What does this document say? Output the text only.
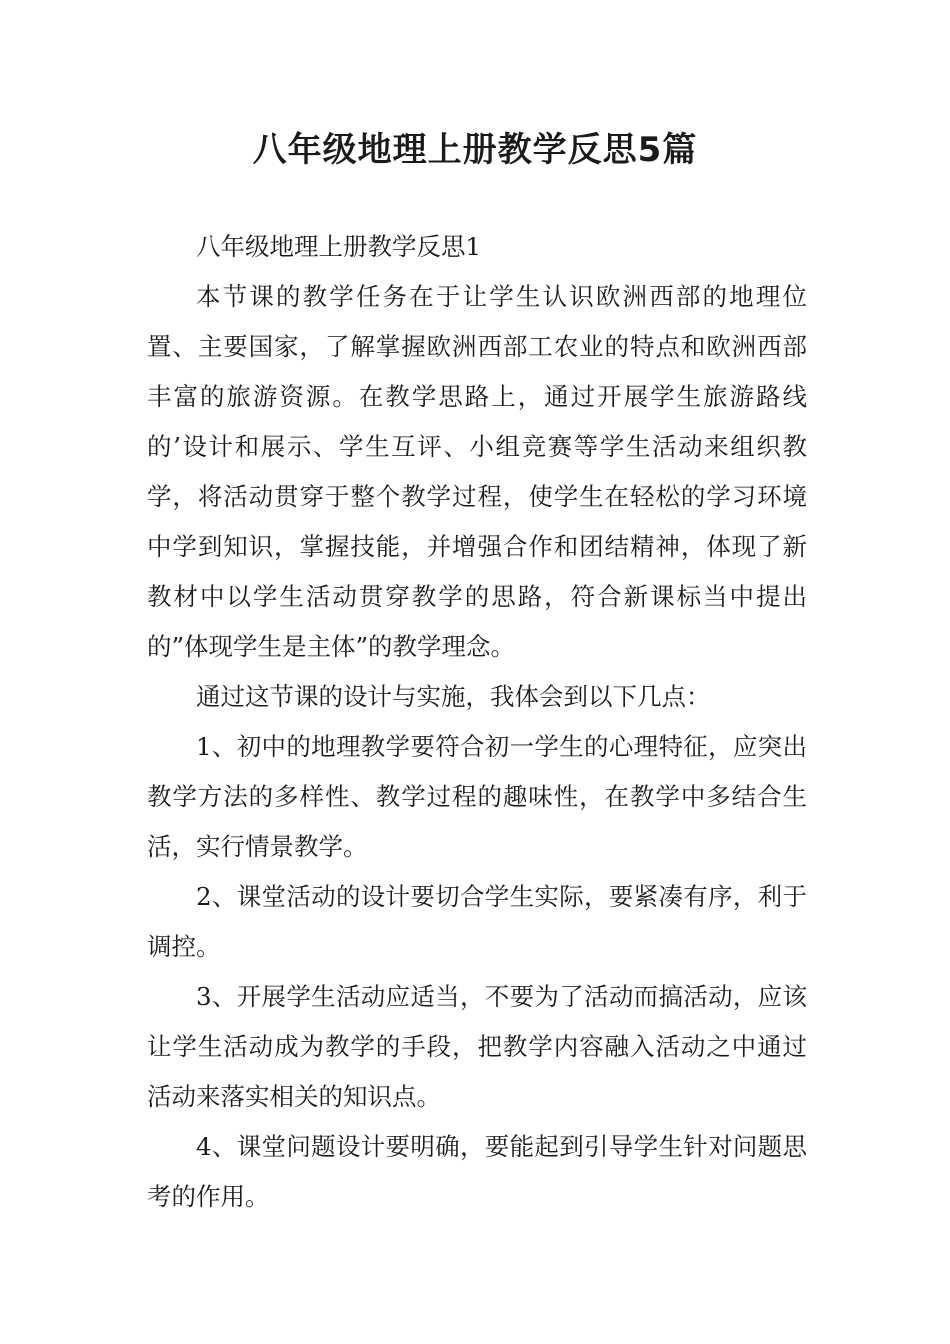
八年级地理上册教学反思5篇

八年级地理上册教学反思1

本节课的教学任务在于让学生认识欧洲西部的地理位置、主要国家，了解掌握欧洲西部工农业的特点和欧洲西部丰富的旅游资源。在教学思路上，通过开展学生旅游路线的’设计和展示、学生互评、小组竞赛等学生活动来组织教学，将活动贯穿于整个教学过程，使学生在轻松的学习环境中学到知识，掌握技能，并增强合作和团结精神，体现了新教材中以学生活动贯穿教学的思路，符合新课标当中提出的”体现学生是主体”的教学理念。

通过这节课的设计与实施，我体会到以下几点：

1、初中的地理教学要符合初一学生的心理特征，应突出教学方法的多样性、教学过程的趣味性，在教学中多结合生活，实行情景教学。

2、课堂活动的设计要切合学生实际，要紧凑有序，利于调控。

3、开展学生活动应适当，不要为了活动而搞活动，应该让学生活动成为教学的手段，把教学内容融入活动之中通过活动来落实相关的知识点。

4、课堂问题设计要明确，要能起到引导学生针对问题思考的作用。
